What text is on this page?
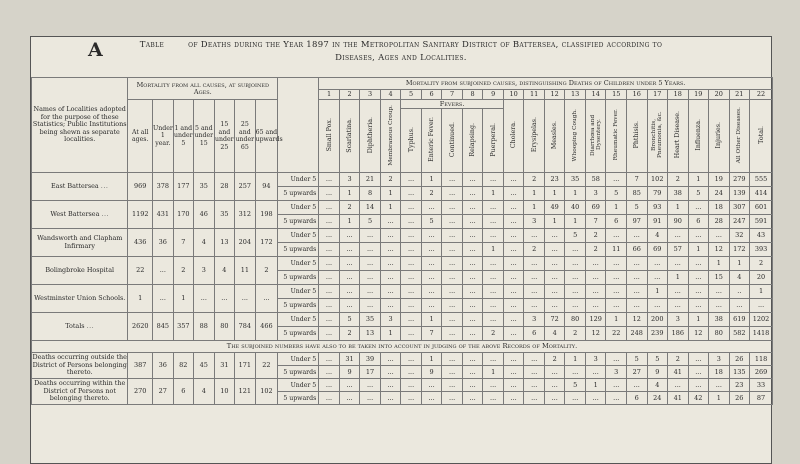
Table	of Deaths during the Year 1897 in the Metropolitan Sanitary District of Battersea, classified according to
Diseases, Ages and Localities.
A
Names of Localities adopted for the purpose of these Statistics; Public Institutions being shewn as separate localities.	Mortality from all causes, at subjoined Ages.								Mortality from subjoined causes, distinguishing Deaths of Children under 5 Years.																					
									1	2	3	4	5	6	7	8	9	10	11	12	13	14	15	16	17	18	19	20	21	22
	At all ages.	Under 1 year.	1 and under 5	5 and under 15	15 and under 25	25 and under 65	65 and upwards		Small Pox.	Scarlatina.	Diphtheria.	Membranous Croup.	Fevers.					Cholera.	Erysipelas.	Measles.	Whooping Cough.	Diarrhœa and Dysentery.	Rheumatic Fever.	Phthisis.	Bronchitis, Pneumonia, &c.	Heart Disease.	Influenza.	Injuries.	All Other Diseases.	Total.
													Typhus.	Enteric Fever.	Continued.	Relapsing.	Puerperal.													
East Battersea ...	969	378	177	35	28	257	94	Under 5	...	3	21	2	...	1	...	...	...	...	2	23	35	58	...	7	102	2	1	19	279	555
								5 upwards	...	1	8	1	...	2	...	...	1	...	1	1	1	3	5	85	79	38	5	24	139	414
West Battersea ...	1192	431	170	46	35	312	198	Under 5	...	2	14	1	...	...	...	...	...	...	1	49	40	69	1	5	93	1	...	18	307	601
								5 upwards	...	1	5	...	...	5	...	...	...	...	3	1	1	7	6	97	91	90	6	28	247	591
Wandsworth and Clapham Infirmary	436	36	7	4	13	204	172	Under 5	...	...	...	...	...	...	...	...	...	...	...	...	5	2	...	...	4	...	...	...	32	43
								5 upwards	...	...	...	...	...	...	...	...	1	...	2	...	...	2	11	66	69	57	1	12	172	393
Bolingbroke Hospital	22	...	2	3	4	11	2	Under 5	...	...	...	...	...	...	...	...	...	...	...	...	...	...	...	...	...	...	...	1	1	2
								5 upwards	...	...	...	...	...	...	...	...	...	...	...	...	...	...	...	...	...	1	...	15	4	20
Westminster Union Schools.	1	...	1	...	...	...	...	Under 5	...	...	...	...	...	...	...	...	...	...	...	...	...	...	...	...	1	...	...	...	..	1
								5 upwards	...	...	...	...	...	...	...	...	...	...	...	...	...	...	...	...	...	...	...	...	...	...
Totals ...	2620	845	357	88	80	784	466	Under 5	...	5	35	3	...	1	...	...	...	...	3	72	80	129	1	12	200	3	1	38	619	1202
								5 upwards	...	2	13	1	...	7	...	...	2	...	6	4	2	12	22	248	239	186	12	80	582	1418
The subjoined numbers have also to be taken into account in judging of the above Records of Mortality.																														
Deaths occurring outside the District of Persons belonging thereto.	387	36	82	45	31	171	22	Under 5	...	31	39	...	...	1	...	...	...	...	...	2	1	3	...	5	5	2	...	3	26	118
								5 upwards	...	9	17	...	...	9	...	...	1	...	...	...	...	...	3	27	9	41	...	18	135	269
Deaths occurring within the District of Persons not belonging thereto.	270	27	6	4	10	121	102	Under 5	...	...	...	...	...	...	...	...	...	...	...	...	5	1	...	...	4	...	...	...	23	33
								5 upwards	...	...	...	...	...	...	...	...	...	...	...	...	...	...	...	6	24	41	42	1	26	87
